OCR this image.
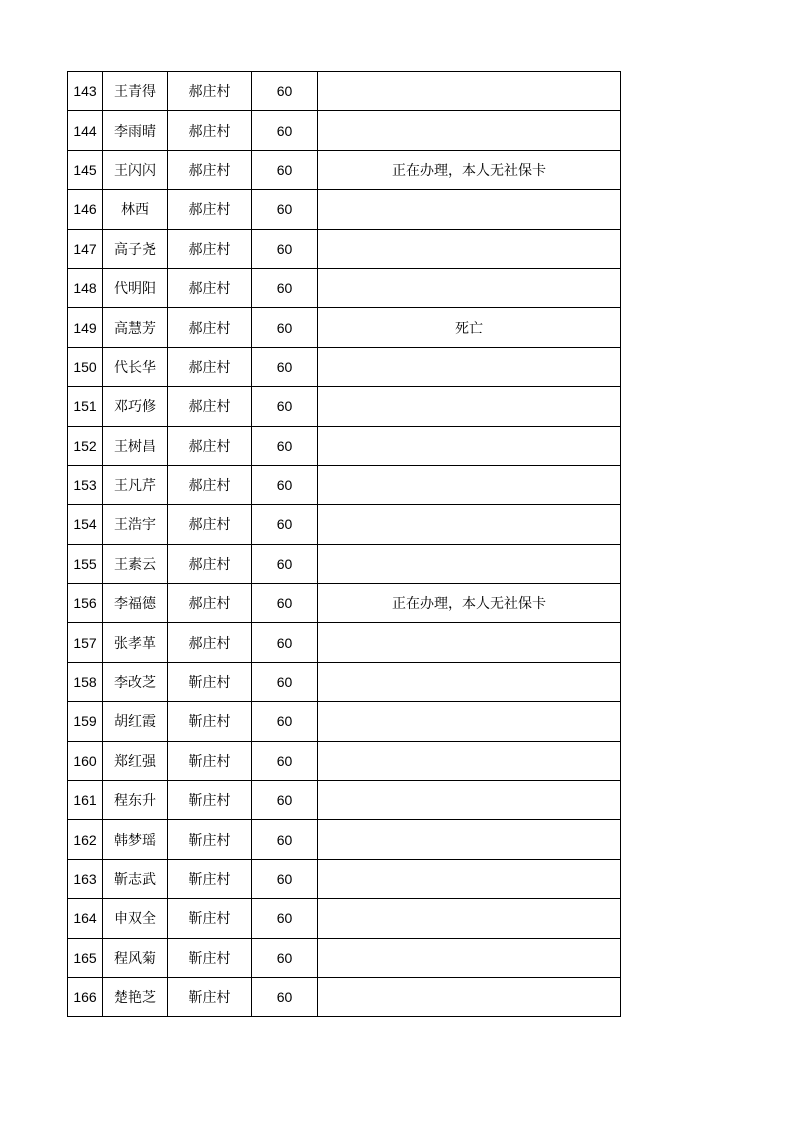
143	王青得	郝庄村	60	
144	李雨晴	郝庄村	60	
145	王闪闪	郝庄村	60	正在办理，本人无社保卡
146	林西	郝庄村	60	
147	高子尧	郝庄村	60	
148	代明阳	郝庄村	60	
149	高慧芳	郝庄村	60	死亡
150	代长华	郝庄村	60	
151	邓巧修	郝庄村	60	
152	王树昌	郝庄村	60	
153	王凡芹	郝庄村	60	
154	王浩宇	郝庄村	60	
155	王素云	郝庄村	60	
156	李福德	郝庄村	60	正在办理，本人无社保卡
157	张孝革	郝庄村	60	
158	李改芝	靳庄村	60	
159	胡红霞	靳庄村	60	
160	郑红强	靳庄村	60	
161	程东升	靳庄村	60	
162	韩梦瑶	靳庄村	60	
163	靳志武	靳庄村	60	
164	申双全	靳庄村	60	
165	程风菊	靳庄村	60	
166	楚艳芝	靳庄村	60	
